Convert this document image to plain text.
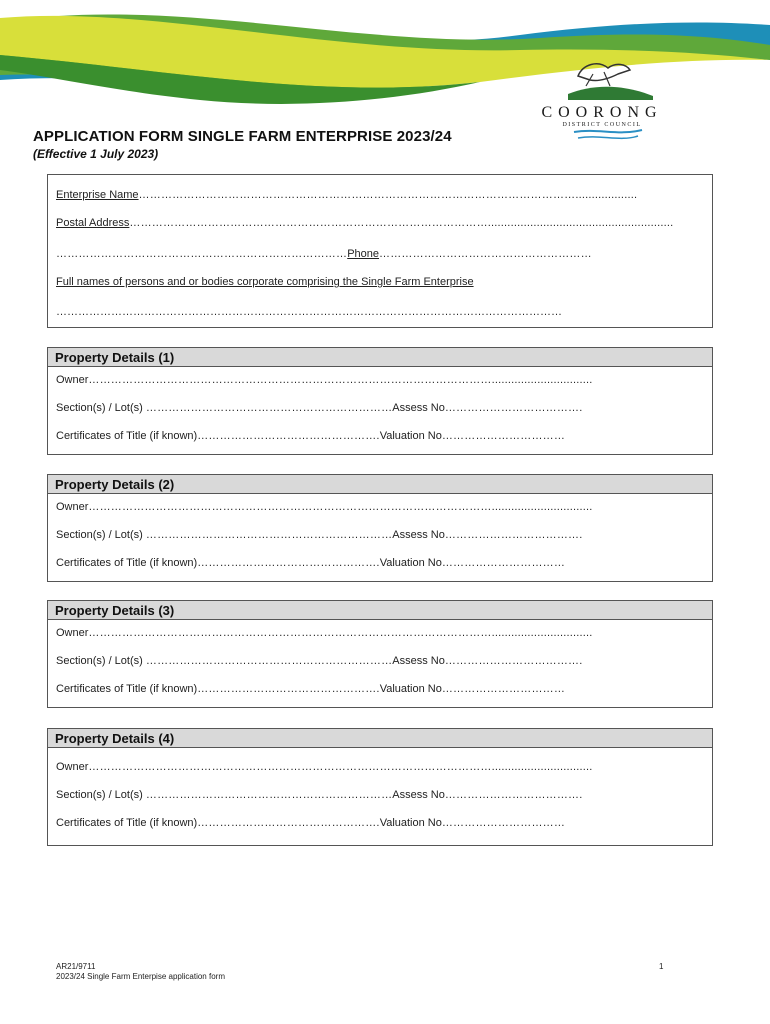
COORONG
DISTRICT COUNCIL
APPLICATION FORM SINGLE FARM ENTERPRISE 2023/24
(Effective 1 July 2023)
Enterprise Name………………………………………………………………………………………………………...................
Postal Address…………………………………………………………………………………….........................................................
……………………………………………………………………Phone…………………………………………………
Full names of persons and or bodies corporate comprising the Single Farm Enterprise
…………………………………………………………………………………………………………………………
Property Details (1)
Owner………………………………………………………………………………………………...............................
Section(s) / Lot(s) …………………………………………………………Assess No……………………………….
Certificates of Title (if known)………………………………………….Valuation No……………………………
Property Details (2)
Owner………………………………………………………………………………………………...............................
Section(s) / Lot(s) …………………………………………………………Assess No……………………………….
Certificates of Title (if known)………………………………………….Valuation No……………………………
Property Details (3)
Owner………………………………………………………………………………………………...............................
Section(s) / Lot(s) …………………………………………………………Assess No……………………………….
Certificates of Title (if known)………………………………………….Valuation No……………………………
Property Details (4)
Owner………………………………………………………………………………………………...............................
Section(s) / Lot(s) …………………………………………………………Assess No……………………………….
Certificates of Title (if known)………………………………………….Valuation No……………………………
AR21/9711
2023/24 Single Farm Enterpise application form
1
